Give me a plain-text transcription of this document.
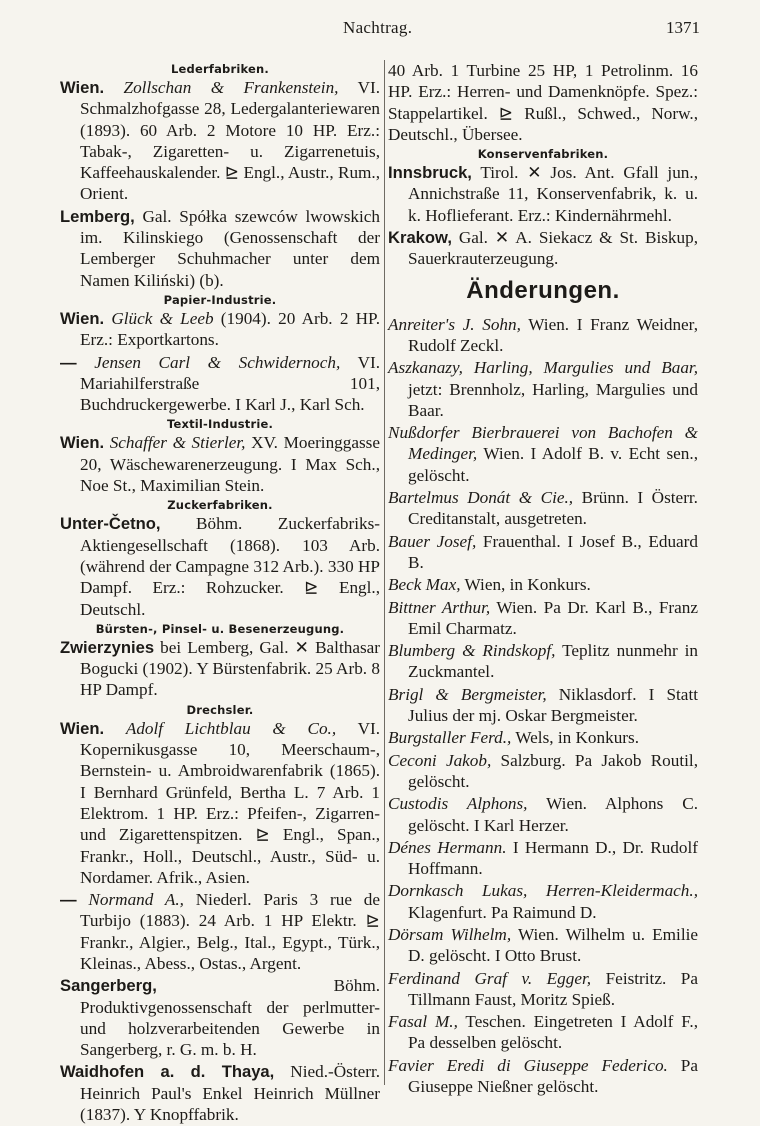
Nachtrag.	1371
Lederfabriken.
Wien. Zollschan & Frankenstein, VI. Schmalzhofgasse 28, Ledergalanteriewaren (1893). 60 Arb. 2 Motore 10 HP. Erz.: Tabak-, Zigaretten- u. Zigarrenetuis, Kaffeehauskalender. ⊵ Engl., Austr., Rum., Orient.
Lemberg, Gal. Spółka szewców lwowskich im. Kilinskiego (Genossenschaft der Lemberger Schuhmacher unter dem Namen Kiliński) (b).
Papier-Industrie.
Wien. Glück & Leeb (1904). 20 Arb. 2 HP. Erz.: Exportkartons.
— Jensen Carl & Schwidernoch, VI. Mariahilferstraße 101, Buchdruckergewerbe. I Karl J., Karl Sch.
Textil-Industrie.
Wien. Schaffer & Stierler, XV. Moeringgasse 20, Wäschewarenerzeugung. I Max Sch., Noe St., Maximilian Stein.
Zuckerfabriken.
Unter-Četno, Böhm. Zuckerfabriks-Aktiengesellschaft (1868). 103 Arb. (während der Campagne 312 Arb.). 330 HP Dampf. Erz.: Rohzucker. ⊵ Engl., Deutschl.
Bürsten-, Pinsel- u. Besenerzeugung.
Zwierzynies bei Lemberg, Gal. ✕ Balthasar Bogucki (1902). Y Bürstenfabrik. 25 Arb. 8 HP Dampf.
Drechsler.
Wien. Adolf Lichtblau & Co., VI. Kopernikusgasse 10, Meerschaum-, Bernstein- u. Ambroidwarenfabrik (1865). I Bernhard Grünfeld, Bertha L. 7 Arb. 1 Elektrom. 1 HP. Erz.: Pfeifen-, Zigarren- und Zigarettenspitzen. ⊵ Engl., Span., Frankr., Holl., Deutschl., Austr., Süd- u. Nordamer. Afrik., Asien.
— Normand A., Niederl. Paris 3 rue de Turbijo (1883). 24 Arb. 1 HP Elektr. ⊵ Frankr., Algier., Belg., Ital., Egypt., Türk., Kleinas., Abess., Ostas., Argent.
Sangerberg,	Böhm. Produktivgenossenschaft der perlmutter- und holzverarbeitenden Gewerbe in Sangerberg, r. G. m. b. H.
Waidhofen a. d. Thaya, Nied.-Österr. Heinrich Paul's Enkel Heinrich Müllner (1837). Y Knopffabrik.
40 Arb. 1 Turbine 25 HP, 1 Petrolinm. 16 HP. Erz.: Herren- und Damenknöpfe. Spez.: Stappelartikel. ⊵ Rußl., Schwed., Norw., Deutschl., Übersee.
Konservenfabriken.
Innsbruck, Tirol. ✕ Jos. Ant. Gfall jun., Annichstraße 11, Konservenfabrik, k. u. k. Hoflieferant. Erz.: Kindernährmehl.
Krakow, Gal. ✕ A. Siekacz & St. Biskup, Sauerkrauterzeugung.
Änderungen.
Anreiter's J. Sohn, Wien. I Franz Weidner, Rudolf Zeckl.
Aszkanazy, Harling, Margulies und Baar, jetzt: Brennholz, Harling, Margulies und Baar.
Nußdorfer Bierbrauerei von Bachofen & Medinger, Wien. I Adolf B. v. Echt sen., gelöscht.
Bartelmus Donát & Cie., Brünn. I Österr. Creditanstalt, ausgetreten.
Bauer Josef, Frauenthal. I Josef B., Eduard B.
Beck Max, Wien, in Konkurs.
Bittner Arthur, Wien. Pa Dr. Karl B., Franz Emil Charmatz.
Blumberg & Rindskopf, Teplitz nunmehr in Zuckmantel.
Brigl & Bergmeister, Niklasdorf. I Statt Julius der mj. Oskar Bergmeister.
Burgstaller Ferd., Wels, in Konkurs.
Ceconi Jakob, Salzburg. Pa Jakob Routil, gelöscht.
Custodis Alphons, Wien. Alphons C. gelöscht. I Karl Herzer.
Dénes Hermann. I Hermann D., Dr. Rudolf Hoffmann.
Dornkasch Lukas, Herren-Kleidermach., Klagenfurt. Pa Raimund D.
Dörsam Wilhelm, Wien. Wilhelm u. Emilie D. gelöscht. I Otto Brust.
Ferdinand Graf v. Egger, Feistritz. Pa Tillmann Faust, Moritz Spieß.
Fasal M., Teschen. Eingetreten I Adolf F., Pa desselben gelöscht.
Favier Eredi di Giuseppe Federico. Pa Giuseppe Nießner gelöscht.
